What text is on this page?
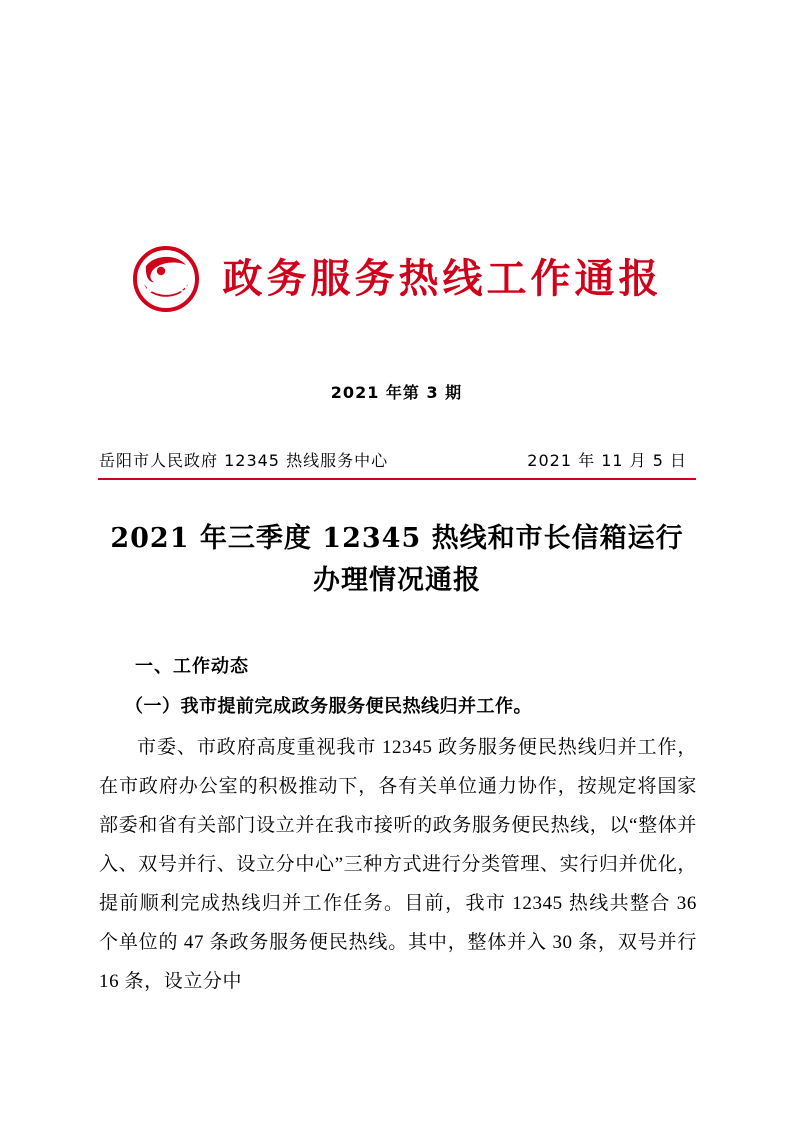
12345 政务服务热线工作通报
2021 年第 3 期
岳阳市人民政府 12345 热线服务中心	2021 年 11 月 5 日
2021 年三季度 12345 热线和市长信箱运行办理情况通报
一、工作动态
（一）我市提前完成政务服务便民热线归并工作。
市委、市政府高度重视我市 12345 政务服务便民热线归并工作，在市政府办公室的积极推动下，各有关单位通力协作，按规定将国家部委和省有关部门设立并在我市接听的政务服务便民热线，以“整体并入、双号并行、设立分中心”三种方式进行分类管理、实行归并优化，提前顺利完成热线归并工作任务。目前，我市 12345 热线共整合 36 个单位的 47 条政务服务便民热线。其中，整体并入 30 条，双号并行 16 条，设立分中
